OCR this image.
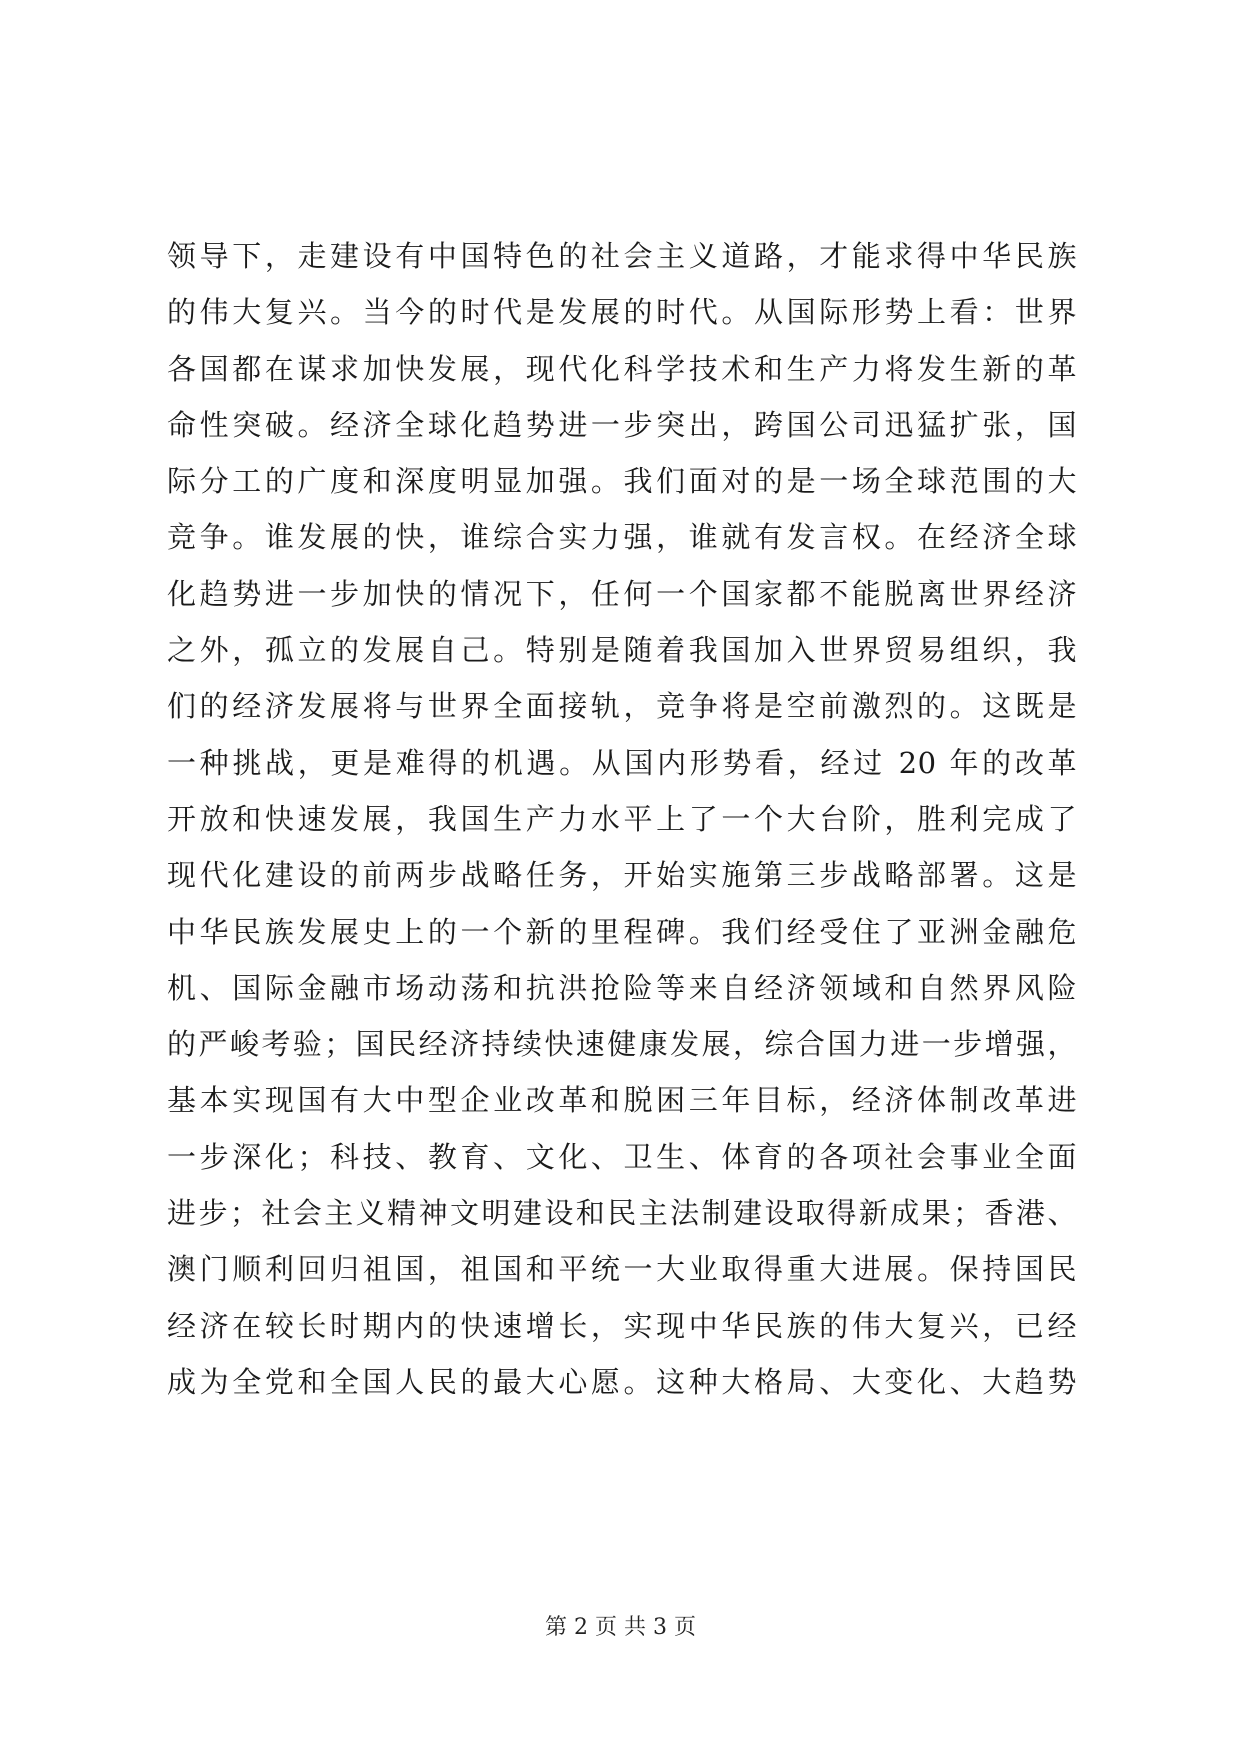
领导下，走建设有中国特色的社会主义道路，才能求得中华民族
的伟大复兴。当今的时代是发展的时代。从国际形势上看：世界
各国都在谋求加快发展，现代化科学技术和生产力将发生新的革
命性突破。经济全球化趋势进一步突出，跨国公司迅猛扩张，国
际分工的广度和深度明显加强。我们面对的是一场全球范围的大
竞争。谁发展的快，谁综合实力强，谁就有发言权。在经济全球
化趋势进一步加快的情况下，任何一个国家都不能脱离世界经济
之外，孤立的发展自己。特别是随着我国加入世界贸易组织，我
们的经济发展将与世界全面接轨，竞争将是空前激烈的。这既是
一种挑战，更是难得的机遇。从国内形势看，经过 20 年的改革
开放和快速发展，我国生产力水平上了一个大台阶，胜利完成了
现代化建设的前两步战略任务，开始实施第三步战略部署。这是
中华民族发展史上的一个新的里程碑。我们经受住了亚洲金融危
机、国际金融市场动荡和抗洪抢险等来自经济领域和自然界风险
的严峻考验；国民经济持续快速健康发展，综合国力进一步增强，
基本实现国有大中型企业改革和脱困三年目标，经济体制改革进
一步深化；科技、教育、文化、卫生、体育的各项社会事业全面
进步；社会主义精神文明建设和民主法制建设取得新成果；香港、
澳门顺利回归祖国，祖国和平统一大业取得重大进展。保持国民
经济在较长时期内的快速增长，实现中华民族的伟大复兴，已经
成为全党和全国人民的最大心愿。这种大格局、大变化、大趋势
第 2 页 共 3 页
